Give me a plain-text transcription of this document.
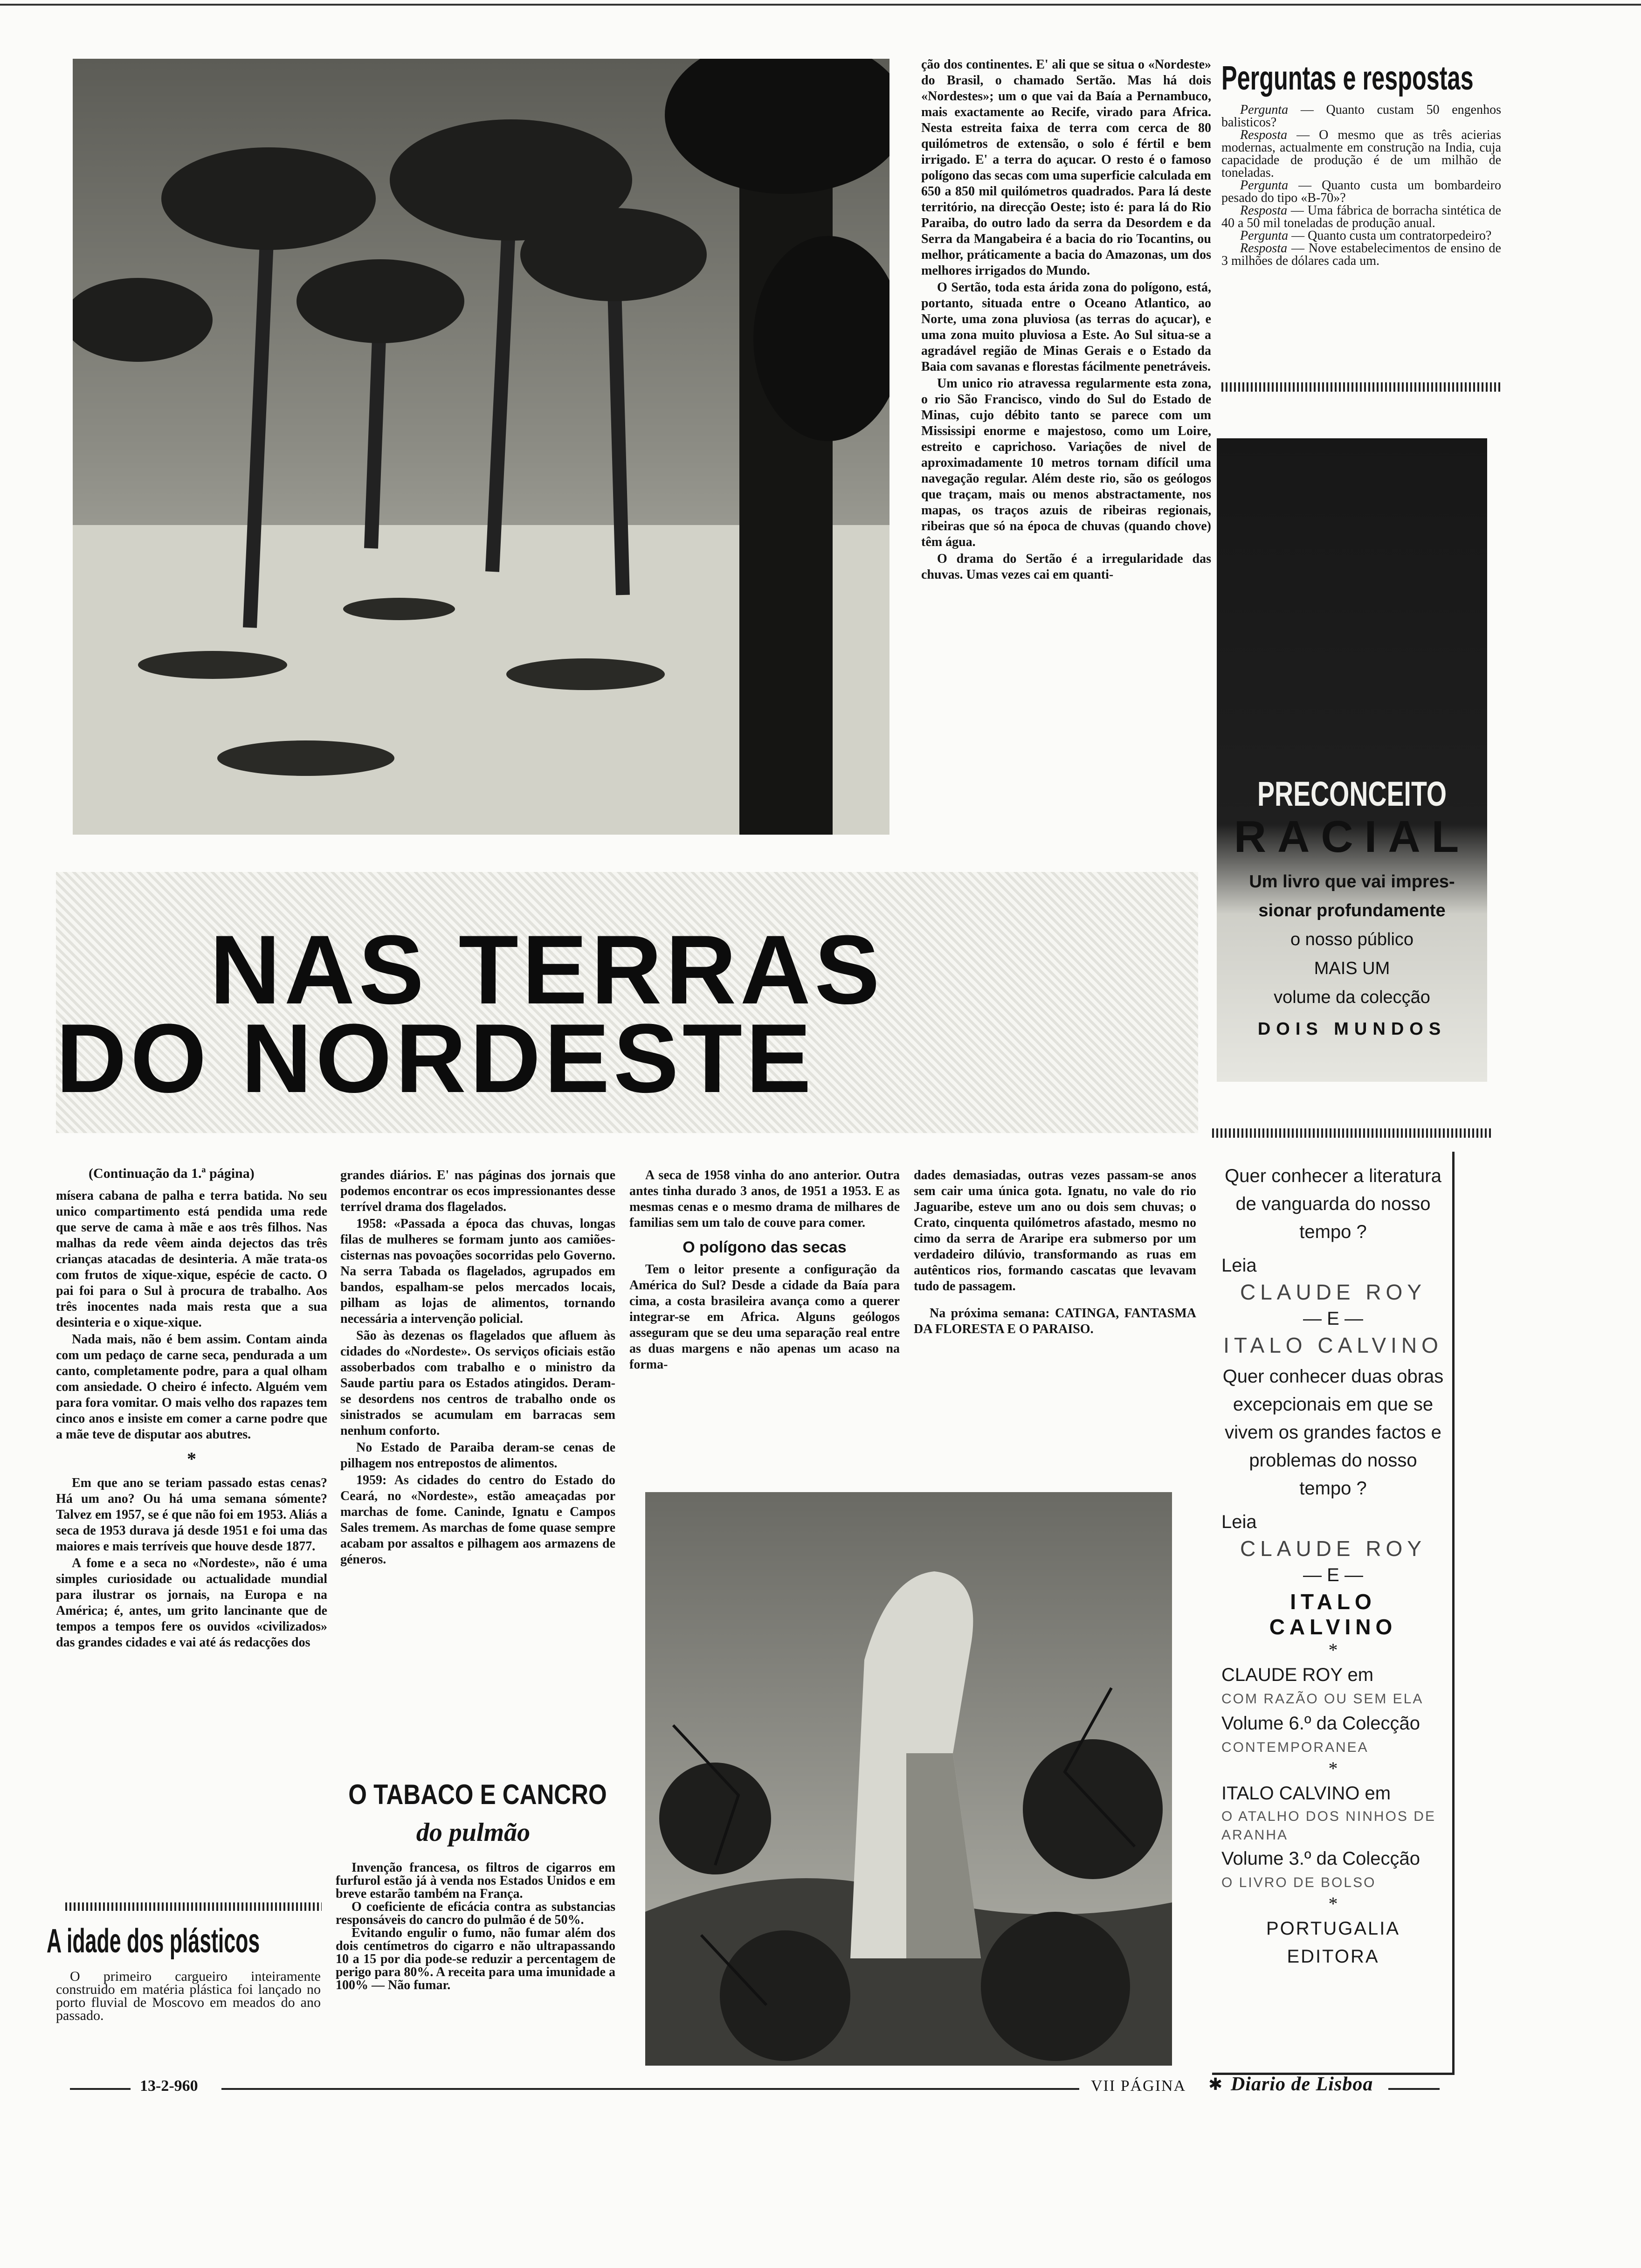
ção dos continentes. E' ali que se situa o «Nordeste» do Brasil, o chamado Sertão. Mas há dois «Nordestes»; um o que vai da Baía a Pernambuco, mais exactamente ao Recife, virado para Africa. Nesta estreita faixa de terra com cerca de 80 quilómetros de extensão, o solo é fértil e bem irrigado. E' a terra do açucar. O resto é o famoso polígono das secas com uma superficie calculada em 650 a 850 mil quilómetros quadrados. Para lá deste território, na direcção Oeste; isto é: para lá do Rio Paraiba, do outro lado da serra da Desordem e da Serra da Mangabeira é a bacia do rio Tocantins, ou melhor, práticamente a bacia do Amazonas, um dos melhores irrigados do Mundo.

O Sertão, toda esta árida zona do polígono, está, portanto, situada entre o Oceano Atlantico, ao Norte, uma zona pluviosa (as terras do açucar), e uma zona muito pluviosa a Este. Ao Sul situa-se a agradável região de Minas Gerais e o Estado da Baia com savanas e florestas fácilmente penetráveis.

Um unico rio atravessa regularmente esta zona, o rio São Francisco, vindo do Sul do Estado de Minas, cujo débito tanto se parece com um Mississipi enorme e majestoso, como um Loire, estreito e caprichoso. Variações de nivel de aproximadamente 10 metros tornam difícil uma navegação regular. Além deste rio, são os geólogos que traçam, mais ou menos abstractamente, nos mapas, os traços azuis de ribeiras regionais, ribeiras que só na época de chuvas (quando chove) têm água.

O drama do Sertão é a irregularidade das chuvas. Umas vezes cai em quanti-

Perguntas e respostas

Pergunta — Quanto custam 50 engenhos balisticos?

Resposta — O mesmo que as três acierias modernas, actualmente em construção na India, cuja capacidade de produção é de um milhão de toneladas.

Pergunta — Quanto custa um bombardeiro pesado do tipo «B-70»?

Resposta — Uma fábrica de borracha sintética de 40 a 50 mil toneladas de produção anual.

Pergunta — Quanto custa um contratorpedeiro?

Resposta — Nove estabelecimentos de ensino de 3 milhões de dólares cada um.

PRECONCEITO
RACIAL
Um livro que vai impres-
sionar profundamente
o nosso público
MAIS UM
volume da colecção
DOIS MUNDOS
NAS TERRAS
DO NORDESTE
(Continuação da 1.ª página)

mísera cabana de palha e terra batida. No seu unico compartimento está pendida uma rede que serve de cama à mãe e aos três filhos. Nas malhas da rede vêem ainda dejectos das três crianças atacadas de desinteria. A mãe trata-os com frutos de xique-xique, espécie de cacto. O pai foi para o Sul à procura de trabalho. Aos três inocentes nada mais resta que a sua desinteria e o xique-xique.

Nada mais, não é bem assim. Contam ainda com um pedaço de carne seca, pendurada a um canto, completamente podre, para a qual olham com ansiedade. O cheiro é infecto. Alguém vem para fora vomitar. O mais velho dos rapazes tem cinco anos e insiste em comer a carne podre que a mãe teve de disputar aos abutres.

*

Em que ano se teriam passado estas cenas? Há um ano? Ou há uma semana sómente? Talvez em 1957, se é que não foi em 1953. Aliás a seca de 1953 durava já desde 1951 e foi uma das maiores e mais terríveis que houve desde 1877.

A fome e a seca no «Nordeste», não é uma simples curiosidade ou actualidade mundial para ilustrar os jornais, na Europa e na América; é, antes, um grito lancinante que de tempos a tempos fere os ouvidos «civilizados» das grandes cidades e vai até ás redacções dos

grandes diários. E' nas páginas dos jornais que podemos encontrar os ecos impressionantes desse terrível drama dos flagelados.

1958: «Passada a época das chuvas, longas filas de mulheres se formam junto aos camiões-cisternas nas povoações socorridas pelo Governo. Na serra Tabada os flagelados, agrupados em bandos, espalham-se pelos mercados locais, pilham as lojas de alimentos, tornando necessária a intervenção policial.

São às dezenas os flagelados que afluem às cidades do «Nordeste». Os serviços oficiais estão assoberbados com trabalho e o ministro da Saude partiu para os Estados atingidos. Deram-se desordens nos centros de trabalho onde os sinistrados se acumulam em barracas sem nenhum conforto.

No Estado de Paraiba deram-se cenas de pilhagem nos entrepostos de alimentos.

1959: As cidades do centro do Estado do Ceará, no «Nordeste», estão ameaçadas por marchas de fome. Caninde, Ignatu e Campos Sales tremem. As marchas de fome quase sempre acabam por assaltos e pilhagem aos armazens de géneros.

A seca de 1958 vinha do ano anterior. Outra antes tinha durado 3 anos, de 1951 a 1953. E as mesmas cenas e o mesmo drama de milhares de familias sem um talo de couve para comer.

O polígono das secas

Tem o leitor presente a configuração da América do Sul? Desde a cidade da Baía para cima, a costa brasileira avança como a querer integrar-se em Africa. Alguns geólogos asseguram que se deu uma separação real entre as duas margens e não apenas um acaso na forma-

dades demasiadas, outras vezes passam-se anos sem cair uma única gota. Ignatu, no vale do rio Jaguaribe, esteve um ano ou dois sem chuvas; o Crato, cinquenta quilómetros afastado, mesmo no cimo da serra de Araripe era submerso por um verdadeiro dilúvio, transformando as ruas em autênticos rios, formando cascatas que levavam tudo de passagem.

Na próxima semana: CATINGA, FANTASMA DA FLORESTA E O PARAISO.

A idade dos plásticos
O primeiro cargueiro inteiramente construido em matéria plástica foi lançado no porto fluvial de Moscovo em meados do ano passado.
O TABACO E CANCRO
do pulmão

Invenção francesa, os filtros de cigarros em furfurol estão já à venda nos Estados Unidos e em breve estarão também na França.

O coeficiente de eficácia contra as substancias responsáveis do cancro do pulmão é de 50%.

Evitando engulir o fumo, não fumar além dos dois centímetros do cigarro e não ultrapassando 10 a 15 por dia pode-se reduzir a percentagem de perigo para 80%. A receita para uma imunidade a 100% — Não fumar.

Quer conhecer a literatura de vanguarda do nosso tempo ?

Leia

CLAUDE ROY

— E —

ITALO CALVINO

Quer conhecer duas obras excepcionais em que se vivem os grandes factos e problemas do nosso tempo ?

Leia

CLAUDE ROY

— E —

ITALO CALVINO

*

CLAUDE ROY em

COM RAZÃO OU SEM ELA

Volume 6.º da Colecção

CONTEMPORANEA

*

ITALO CALVINO em

O ATALHO DOS NINHOS DE ARANHA

Volume 3.º da Colecção

O LIVRO DE BOLSO

*

PORTUGALIA EDITORA

13-2-960	VII PÁGINA ✱ Diario de Lisboa
